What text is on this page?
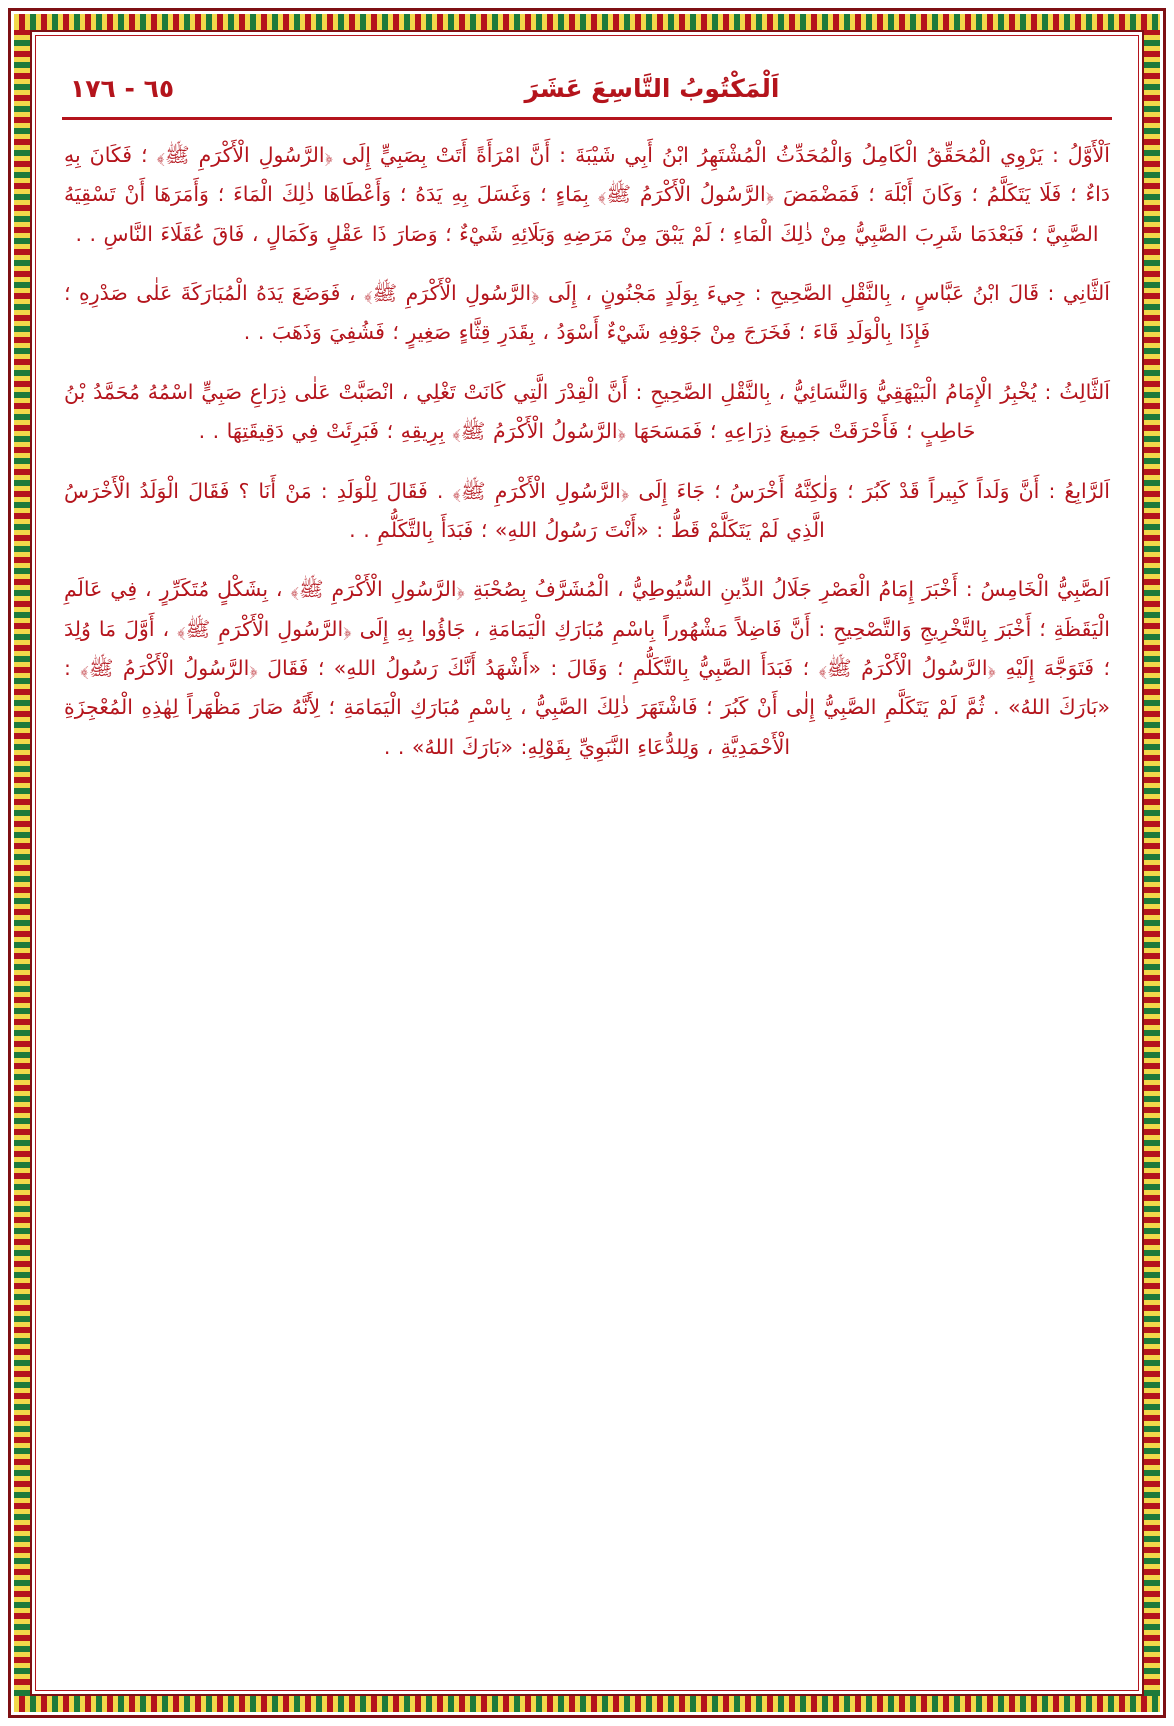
اَلْمَكْتُوبُ التَّاسِعَ عَشَرَ
٦٥ - ١٧٦

اَلْأَوَّلُ : يَرْوِي الْمُحَقِّقُ الْكَامِلُ وَالْمُحَدِّثُ الْمُشْتَهِرُ ابْنُ أَبِي شَيْبَةَ : أَنَّ امْرَأَةً أَتَتْ بِصَبِيٍّ إِلَى ﴿الرَّسُولِ الْأَكْرَمِ ﷺ﴾ ؛ فَكَانَ بِهِ دَاءٌ ؛ فَلَا يَتَكَلَّمُ ؛ وَكَانَ أَبْلَهَ ؛ فَمَضْمَضَ ﴿الرَّسُولُ الْأَكْرَمُ ﷺ﴾ بِمَاءٍ ؛ وَغَسَلَ بِهِ يَدَهُ ؛ وَأَعْطَاهَا ذٰلِكَ الْمَاءَ ؛ وَأَمَرَهَا أَنْ تَسْقِيَهُ الصَّبِيَّ ؛ فَبَعْدَمَا شَرِبَ الصَّبِيُّ مِنْ ذٰلِكَ الْمَاءِ ؛ لَمْ يَبْقَ مِنْ مَرَضِهِ وَبَلَائِهِ شَيْءٌ ؛ وَصَارَ ذَا عَقْلٍ وَكَمَالٍ ، فَاقَ عُقَلَاءَ النَّاسِ . .

اَلثَّانِي : قَالَ ابْنُ عَبَّاسٍ ، بِالنَّقْلِ الصَّحِيحِ : جِيءَ بِوَلَدٍ مَجْنُونٍ ، إِلَى ﴿الرَّسُولِ الْأَكْرَمِ ﷺ﴾ ، فَوَضَعَ يَدَهُ الْمُبَارَكَةَ عَلٰى صَدْرِهِ ؛ فَإِذَا بِالْوَلَدِ قَاءَ ؛ فَخَرَجَ مِنْ جَوْفِهِ شَيْءٌ أَسْوَدُ ، بِقَدَرِ قِثَّاءٍ صَغِيرٍ ؛ فَشُفِيَ وَذَهَبَ . .

اَلثَّالِثُ : يُخْبِرُ الْإِمَامُ الْبَيْهَقِيُّ وَالنَّسَائِيُّ ، بِالنَّقْلِ الصَّحِيحِ : أَنَّ الْقِدْرَ الَّتِي كَانَتْ تَغْلِي ، انْصَبَّتْ عَلٰى ذِرَاعِ صَبِيٍّ اسْمُهُ مُحَمَّدُ بْنُ حَاطِبٍ ؛ فَأَحْرَقَتْ جَمِيعَ ذِرَاعِهِ ؛ فَمَسَحَهَا ﴿الرَّسُولُ الْأَكْرَمُ ﷺ﴾ بِرِيقِهِ ؛ فَبَرِئَتْ فِي دَقِيقَتِهَا . .

اَلرَّابِعُ : أَنَّ وَلَداً كَبِيراً قَدْ كَبُرَ ؛ وَلٰكِنَّهُ أَخْرَسُ ؛ جَاءَ إِلَى ﴿الرَّسُولِ الْأَكْرَمِ ﷺ﴾ . فَقَالَ لِلْوَلَدِ : مَنْ أَنَا ؟ فَقَالَ الْوَلَدُ الْأَخْرَسُ الَّذِي لَمْ يَتَكَلَّمْ قَطُّ : «أَنْتَ رَسُولُ اللهِ» ؛ فَبَدَأَ بِالتَّكَلُّمِ . .

اَلصَّبِيُّ الْخَامِسُ : أَخْبَرَ إِمَامُ الْعَصْرِ جَلَالُ الدِّينِ السُّيُوطِيُّ ، الْمُشَرَّفُ بِصُحْبَةِ ﴿الرَّسُولِ الْأَكْرَمِ ﷺ﴾ ، بِشَكْلٍ مُتَكَرِّرٍ ، فِي عَالَمِ الْيَقَظَةِ ؛ أَخْبَرَ بِالتَّخْرِيجِ وَالتَّصْحِيحِ : أَنَّ فَاضِلاً مَشْهُوراً بِاسْمِ مُبَارَكِ الْيَمَامَةِ ، جَاؤُوا بِهِ إِلَى ﴿الرَّسُولِ الْأَكْرَمِ ﷺ﴾ ، أَوَّلَ مَا وُلِدَ ؛ فَتَوَجَّهَ إِلَيْهِ ﴿الرَّسُولُ الْأَكْرَمُ ﷺ﴾ ؛ فَبَدَأَ الصَّبِيُّ بِالتَّكَلُّمِ ؛ وَقَالَ : «أَشْهَدُ أَنَّكَ رَسُولُ اللهِ» ؛ فَقَالَ ﴿الرَّسُولُ الْأَكْرَمُ ﷺ﴾ : «بَارَكَ اللهُ» . ثُمَّ لَمْ يَتَكَلَّمِ الصَّبِيُّ إِلٰى أَنْ كَبُرَ ؛ فَاشْتَهَرَ ذٰلِكَ الصَّبِيُّ ، بِاسْمِ مُبَارَكِ الْيَمَامَةِ ؛ لِأَنَّهُ صَارَ مَظْهَراً لِهٰذِهِ الْمُعْجِزَةِ الْأَحْمَدِيَّةِ ، وَلِلدُّعَاءِ النَّبَوِيِّ بِقَوْلِهِ: «بَارَكَ اللهُ» . .
